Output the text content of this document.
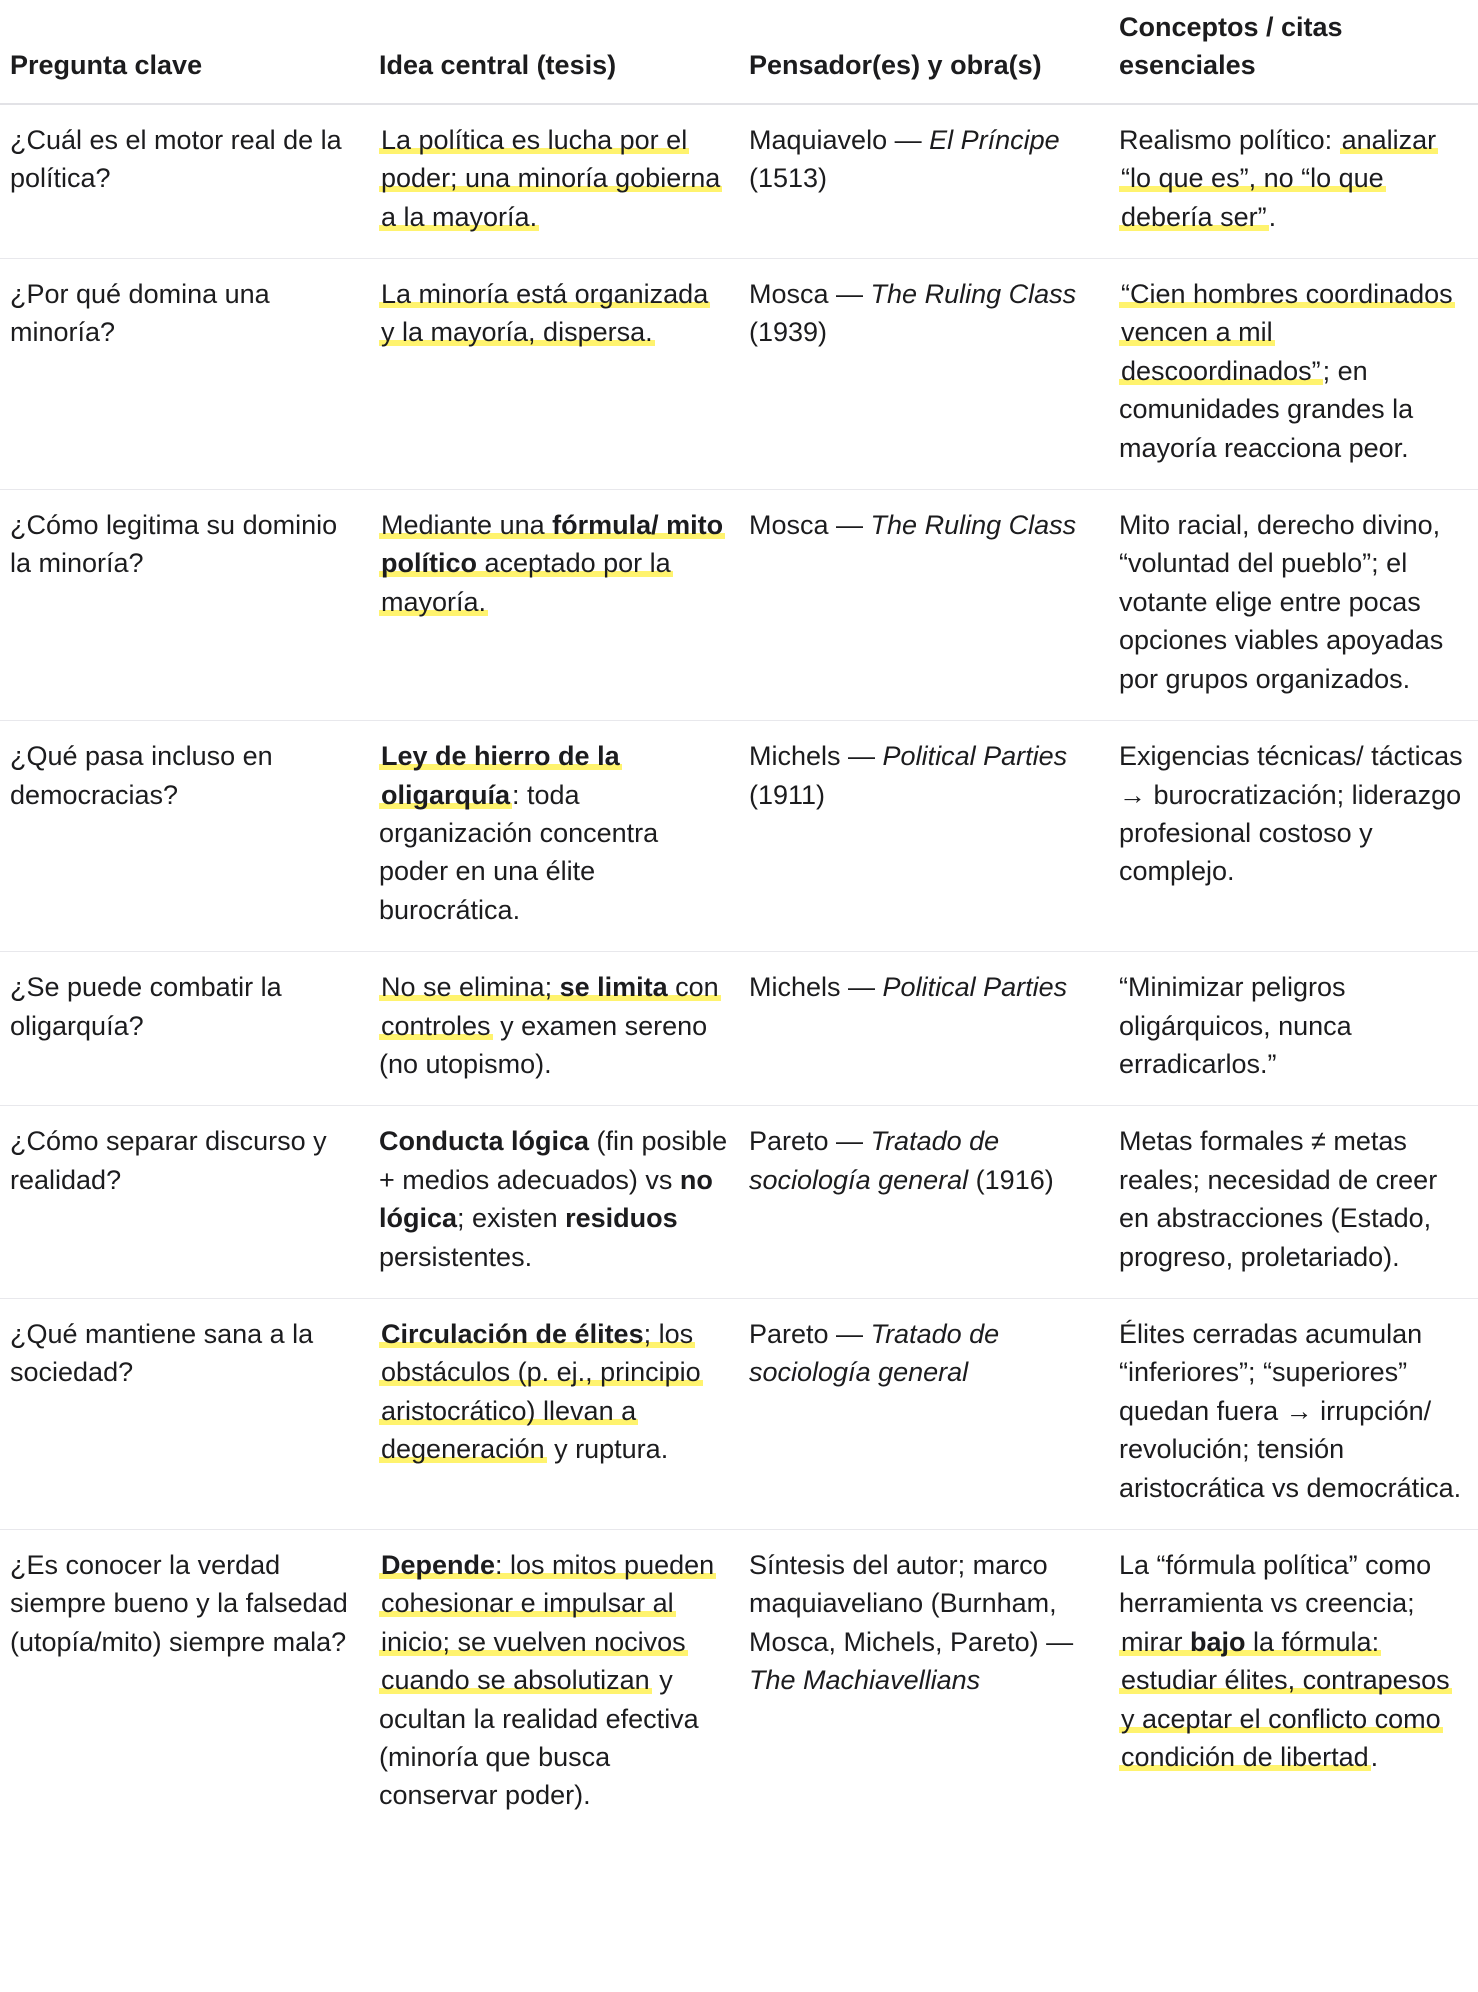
Pregunta clave	Idea central (tesis)	Pensador(es) y obra(s)	Conceptos / citas esenciales
¿Cuál es el motor real de la política?	La política es lucha por el poder; una minoría gobierna a la mayoría.	Maquiavelo — El Príncipe (1513)	Realismo político: analizar “lo que es”, no “lo que debería ser”.
¿Por qué domina una minoría?	La minoría está organizada y la mayoría, dispersa.	Mosca — The Ruling Class (1939)	“Cien hombres coordinados vencen a mil descoordinados”; en comunidades grandes la mayoría reacciona peor.
¿Cómo legitima su dominio la minoría?	Mediante una fórmula/ mito político aceptado por la mayoría.	Mosca — The Ruling Class	Mito racial, derecho divino, “voluntad del pueblo”; el votante elige entre pocas opciones viables apoyadas por grupos organizados.
¿Qué pasa incluso en democracias?	Ley de hierro de la oligarquía: toda organización concentra poder en una élite burocrática.	Michels — Political Parties (1911)	Exigencias técnicas/ tácticas → burocratización; liderazgo profesional costoso y complejo.
¿Se puede combatir la oligarquía?	No se elimina; se limita con controles y examen sereno (no utopismo).	Michels — Political Parties	“Minimizar peligros oligárquicos, nunca erradicarlos.”
¿Cómo separar discurso y realidad?	Conducta lógica (fin posible + medios adecuados) vs no lógica; existen residuos persistentes.	Pareto — Tratado de sociología general (1916)	Metas formales ≠ metas reales; necesidad de creer en abstracciones (Estado, progreso, proletariado).
¿Qué mantiene sana a la sociedad?	Circulación de élites; los obstáculos (p. ej., principio aristocrático) llevan a degeneración y ruptura.	Pareto — Tratado de sociología general	Élites cerradas acumulan “inferiores”; “superiores” quedan fuera → irrupción/ revolución; tensión aristocrática vs democrática.
¿Es conocer la verdad siempre bueno y la falsedad (utopía/mito) siempre mala?	Depende: los mitos pueden cohesionar e impulsar al inicio; se vuelven nocivos cuando se absolutizan y ocultan la realidad efectiva (minoría que busca conservar poder).	Síntesis del autor; marco maquiaveliano (Burnham, Mosca, Michels, Pareto) — The Machiavellians	La “fórmula política” como herramienta vs creencia; mirar bajo la fórmula: estudiar élites, contrapesos y aceptar el conflicto como condición de libertad.
